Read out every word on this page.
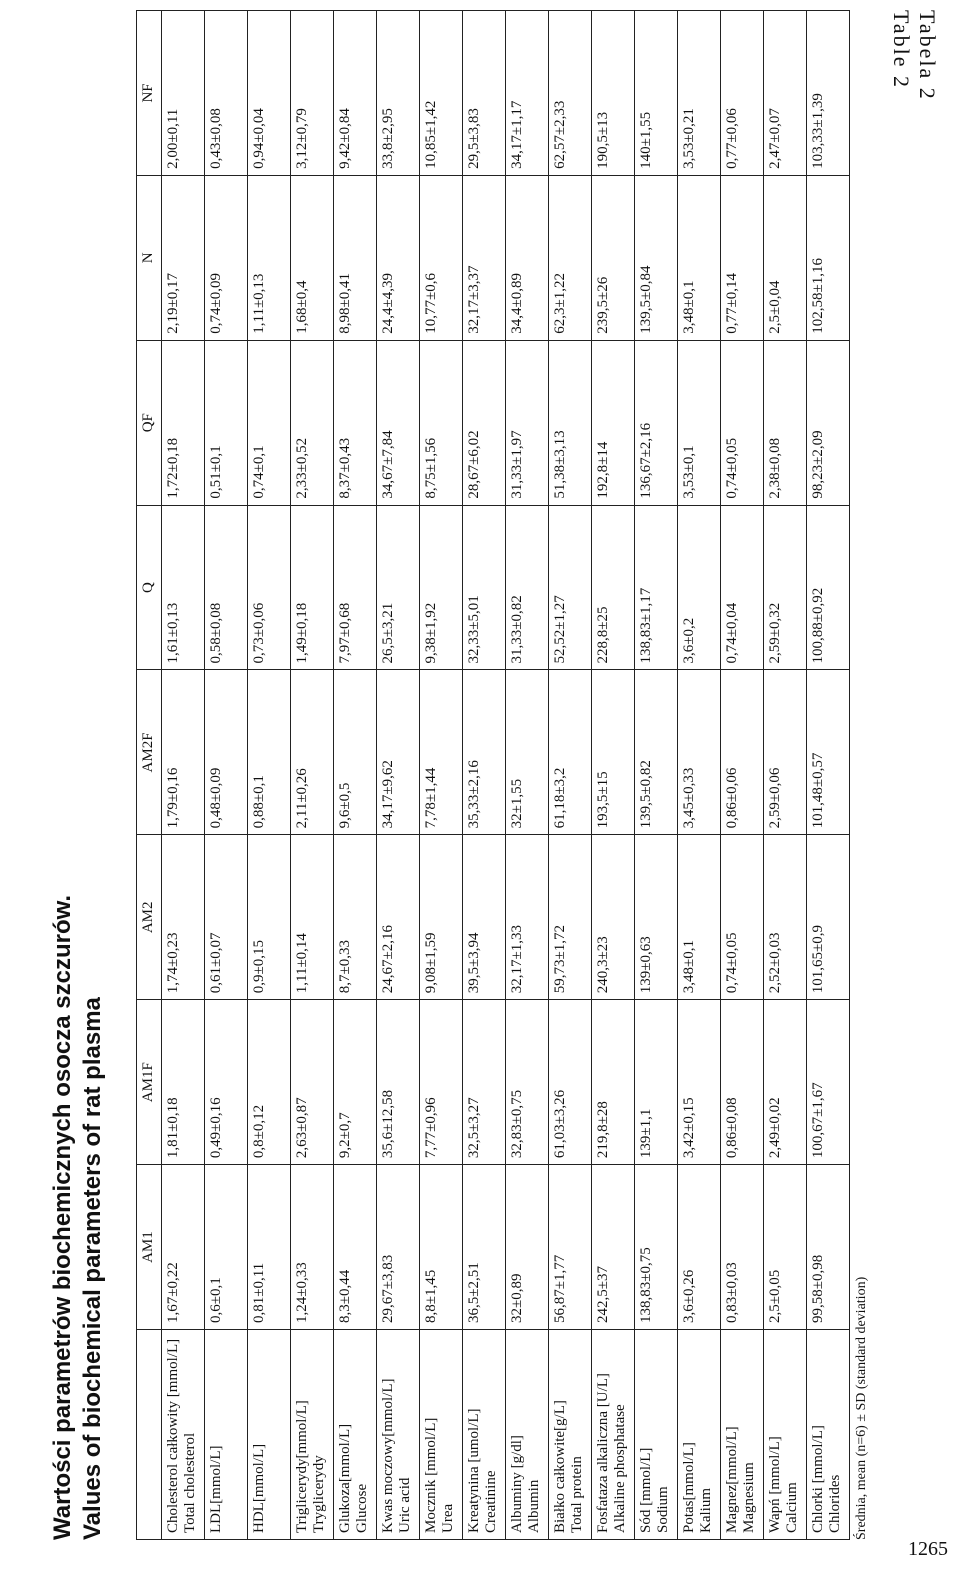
Tabela 2
Table 2
1265
Wartości parametrów biochemicznych osocza szczurów. Values of biochemical parameters of rat plasma
	AM1	AM1F	AM2	AM2F	Q	QF	N	NF

Cholesterol całkowity [mmol/L] Total cholesterol	1,67±0,22	1,81±0,18	1,74±0,23	1,79±0,16	1,61±0,13	1,72±0,18	2,19±0,17	2,00±0,11

LDL[mmol/L]	0,6±0,1	0,49±0,16	0,61±0,07	0,48±0,09	0,58±0,08	0,51±0,1	0,74±0,09	0,43±0,08

HDL[mmol/L]	0,81±0,11	0,8±0,12	0,9±0,15	0,88±0,1	0,73±0,06	0,74±0,1	1,11±0,13	0,94±0,04

Triglicerydy[mmol/L] Tryglicerydy	1,24±0,33	2,63±0,87	1,11±0,14	2,11±0,26	1,49±0,18	2,33±0,52	1,68±0,4	3,12±0,79

Glukoza[mmol/L] Glucose	8,3±0,44	9,2±0,7	8,7±0,33	9,6±0,5	7,97±0,68	8,37±0,43	8,98±0,41	9,42±0,84

Kwas moczowy[mmol/L] Uric acid	29,67±3,83	35,6±12,58	24,67±2,16	34,17±9,62	26,5±3,21	34,67±7,84	24,4±4,39	33,8±2,95

Mocznik [mmol/L] Urea	8,8±1,45	7,77±0,96	9,08±1,59	7,78±1,44	9,38±1,92	8,75±1,56	10,77±0,6	10,85±1,42

Kreatynina [umol/L] Creatinine	36,5±2,51	32,5±3,27	39,5±3,94	35,33±2,16	32,33±5,01	28,67±6,02	32,17±3,37	29,5±3,83

Albuminy [g/dl] Albumin	32±0,89	32,83±0,75	32,17±1,33	32±1,55	31,33±0,82	31,33±1,97	34,4±0,89	34,17±1,17

Białko całkowite[g/L] Total protein	56,87±1,77	61,03±3,26	59,73±1,72	61,18±3,2	52,52±1,27	51,38±3,13	62,3±1,22	62,57±2,33

Fosfataza alkaliczna [U/L] Alkaline phosphatase	242,5±37	219,8±28	240,3±23	193,5±15	228,8±25	192,8±14	239,5±26	190,5±13

Sód [mmol/L] Sodium	138,83±0,75	139±1,1	139±0,63	139,5±0,82	138,83±1,17	136,67±2,16	139,5±0,84	140±1,55

Potas[mmol/L] Kalium	3,6±0,26	3,42±0,15	3,48±0,1	3,45±0,33	3,6±0,2	3,53±0,1	3,48±0,1	3,53±0,21

Magnez[mmol/L] Magnesium	0,83±0,03	0,86±0,08	0,74±0,05	0,86±0,06	0,74±0,04	0,74±0,05	0,77±0,14	0,77±0,06

Wapń [mmol/L] Calcium	2,5±0,05	2,49±0,02	2,52±0,03	2,59±0,06	2,59±0,32	2,38±0,08	2,5±0,04	2,47±0,07

Chlorki [mmol/L] Chlorides	99,58±0,98	100,67±1,67	101,65±0,9	101,48±0,57	100,88±0,92	98,23±2,09	102,58±1,16	103,33±1,39
Średnia, mean (n=6) ± SD (standard deviation)
